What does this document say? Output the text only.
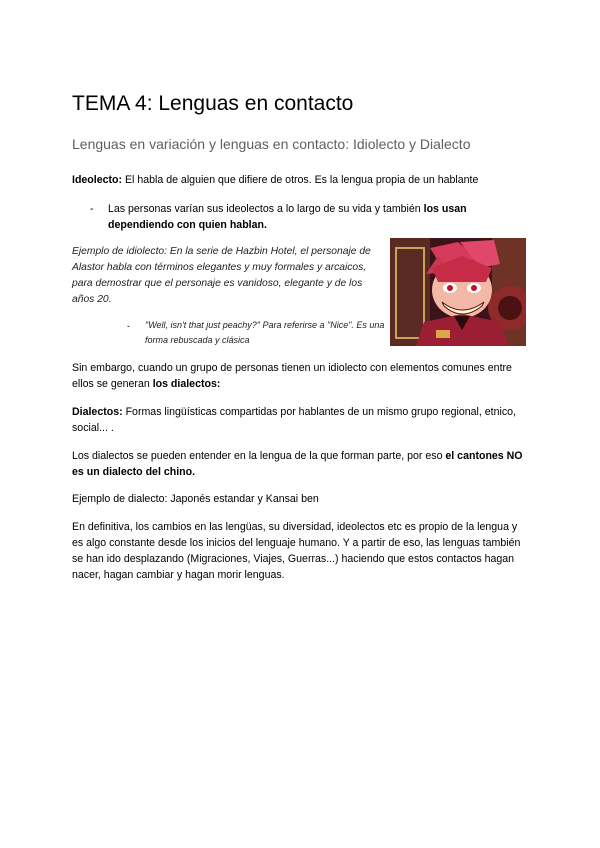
TEMA 4: Lenguas en contacto
Lenguas en variación y lenguas en contacto: Idiolecto y Dialecto
Ideolecto: El habla de alguien que difiere de otros. Es la lengua propia de un hablante
- Las personas varían sus ideolectos a lo largo de su vida y también los usan dependiendo con quien hablan.
Ejemplo de idiolecto: En la serie de Hazbin Hotel, el personaje de Alastor habla con términos elegantes y muy formales y arcaicos, para demostrar que el personaje es vanidoso, elegante y de los años 20.
- "Well, isn't that just peachy?" Para referirse a "Nice". Es una forma rebuscada y clásica
Sin embargo, cuando un grupo de personas tienen un idiolecto con elementos comunes entre ellos se generan los dialectos:
Dialectos: Formas lingüísticas compartidas por hablantes de un mismo grupo regional, etnico, social... .
Los dialectos se pueden entender en la lengua de la que forman parte, por eso el cantones NO es un dialecto del chino.
Ejemplo de dialecto: Japonés estandar y Kansai ben
En definitiva, los cambios en las lengüas, su diversidad, ideolectos etc es propio de la lengua y es algo constante desde los inicios del lenguaje humano. Y a partir de eso, las lenguas también se han ido desplazando (Migraciones, Viajes, Guerras...) haciendo que estos contactos hagan nacer, hagan cambiar y hagan morir lenguas.
